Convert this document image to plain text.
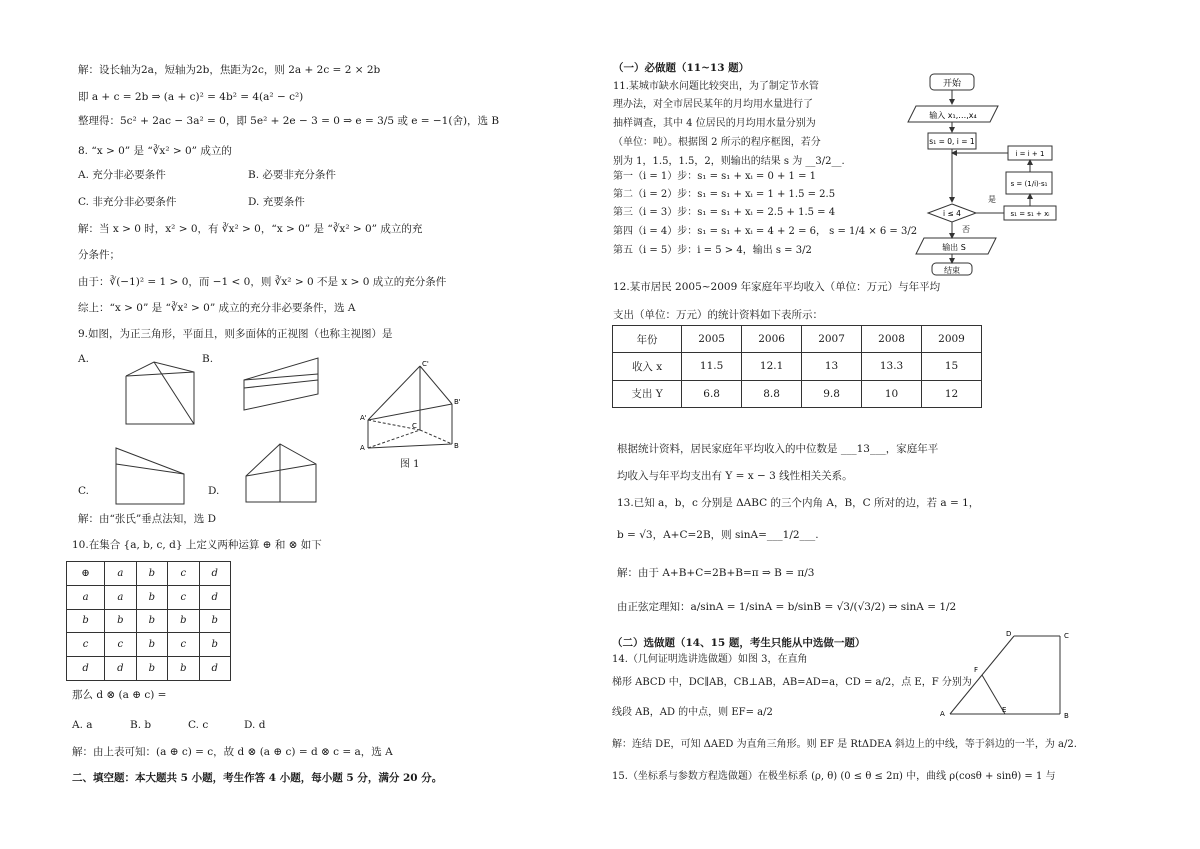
解：设长轴为2a，短轴为2b，焦距为2c，则 2a + 2c = 2 × 2b
即 a + c = 2b ⇒ (a + c)² = 4b² = 4(a² − c²)
整理得：5c² + 2ac − 3a² = 0，即 5e² + 2e − 3 = 0 ⇒ e = 3/5 或 e = −1(舍)，选 B
8. “x > 0” 是 “∛x² > 0” 成立的
A. 充分非必要条件	B. 必要非充分条件
C. 非充分非必要条件	D. 充要条件
解：当 x > 0 时，x² > 0，有 ∛x² > 0，“x > 0” 是 “∛x² > 0” 成立的充
分条件；
由于：∛(−1)² = 1 > 0，而 −1 < 0，则 ∛x² > 0 不是 x > 0 成立的充分条件
综上：“x > 0” 是 “∛x² > 0” 成立的充分非必要条件，选 A
9.如图，为正三角形，平面且，则多面体的正视图（也称主视图）是
A.	B.
C.	D.
C'
A'
B'
A	B
C
图 1
解：由“张氏”垂点法知，选 D
10.在集合 {a, b, c, d} 上定义两种运算 ⊕ 和 ⊗ 如下
⊕	a	b	c	d
a	a	b	c	d
b	b	b	b	b
c	c	b	c	b
d	d	b	b	d
那么 d ⊗ (a ⊕ c) =
A. a	B. b	C. c	D. d
解：由上表可知：(a ⊕ c) = c，故 d ⊗ (a ⊕ c) = d ⊗ c = a，选 A
二、填空题：本大题共 5 小题，考生作答 4 小题，每小题 5 分，满分 20 分。
（一）必做题（11~13 题）
11.某城市缺水问题比较突出，为了制定节水管
理办法，对全市居民某年的月均用水量进行了
抽样调查，其中 4 位居民的月均用水量分别为
（单位：吨）。根据图 2 所示的程序框图，若分
别为 1，1.5，1.5，2，则输出的结果 s 为 __3/2__.
第一（i = 1）步：s₁ = s₁ + xᵢ = 0 + 1 = 1
第二（i = 2）步：s₁ = s₁ + xᵢ = 1 + 1.5 = 2.5
第三（i = 3）步：s₁ = s₁ + xᵢ = 2.5 + 1.5 = 4
第四（i = 4）步：s₁ = s₁ + xᵢ = 4 + 2 = 6， s = 1/4 × 6 = 3/2
第五（i = 5）步：i = 5 > 4，输出 s = 3/2
开始
输入 x₁,…,x₄
s₁ = 0, i = 1
i ≤ 4
是
s₁ = s₁ + xᵢ
s = (1/i)·s₁
i = i + 1
否
输出 S
结束
12.某市居民 2005~2009 年家庭年平均收入（单位：万元）与年平均
支出（单位：万元）的统计资料如下表所示：
年份	2005	2006	2007	2008	2009
收入 x	11.5	12.1	13	13.3	15
支出 Y	6.8	8.8	9.8	10	12
根据统计资料，居民家庭年平均收入的中位数是 ___13___，家庭年平
均收入与年平均支出有 Y = x − 3 线性相关关系。
13.已知 a，b，c 分别是 ΔABC 的三个内角 A，B，C 所对的边，若 a = 1，
b = √3，A+C=2B，则 sinA=___1/2___.
解：由于 A+B+C=2B+B=π ⇒ B = π/3
由正弦定理知：a/sinA = 1/sinA = b/sinB = √3/(√3/2) ⇒ sinA = 1/2
（二）选做题（14、15 题，考生只能从中选做一题）
14.（几何证明选讲选做题）如图 3，在直角
梯形 ABCD 中，DC∥AB，CB⊥AB，AB=AD=a，CD = a/2，点 E，F 分别为
线段 AB，AD 的中点，则 EF= a/2	A	B
C
D
E
F
解：连结 DE，可知 ΔAED 为直角三角形。则 EF 是 RtΔDEA 斜边上的中线，等于斜边的一半，为 a/2.
15.（坐标系与参数方程选做题）在极坐标系 (ρ, θ) (0 ≤ θ ≤ 2π) 中，曲线 ρ(cosθ + sinθ) = 1 与
